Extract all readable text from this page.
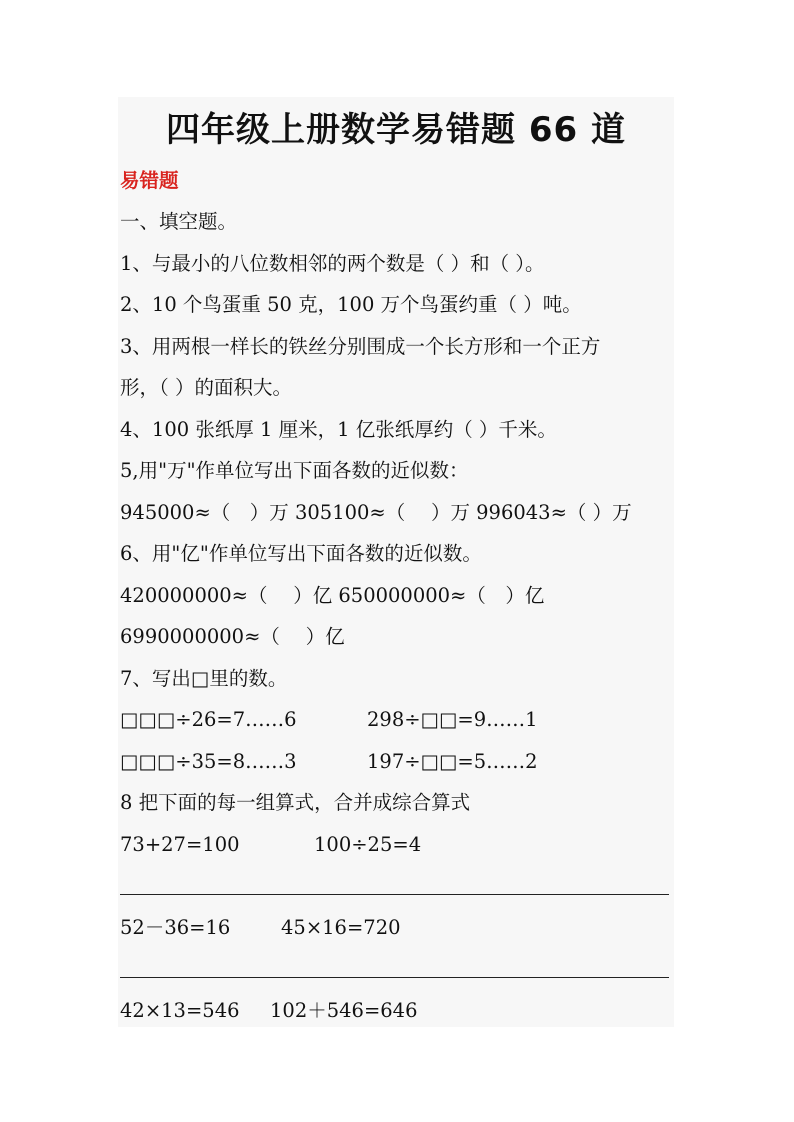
四年级上册数学易错题 66 道
易错题
一、填空题。
1、与最小的八位数相邻的两个数是（ ）和（ ）。
2、10 个鸟蛋重 50 克，100 万个鸟蛋约重（ ）吨。
3、用两根一样长的铁丝分别围成一个长方形和一个正方
形，（ ）的面积大。
4、100 张纸厚 1 厘米，1 亿张纸厚约（ ）千米。
5,用"万"作单位写出下面各数的近似数：
945000≈（　）万 305100≈（　 ）万 996043≈（ ）万
6、用"亿"作单位写出下面各数的近似数。
420000000≈（　 ）亿 650000000≈（　）亿
6990000000≈（　 ）亿
7、写出□里的数。
□□□÷26=7……6	298÷□□=9……1
□□□÷35=8……3	197÷□□=5……2
8 把下面的每一组算式，合并成综合算式
73+27=100	100÷25=4
52－36=16	45×16=720
42×13=546 102＋546=646
